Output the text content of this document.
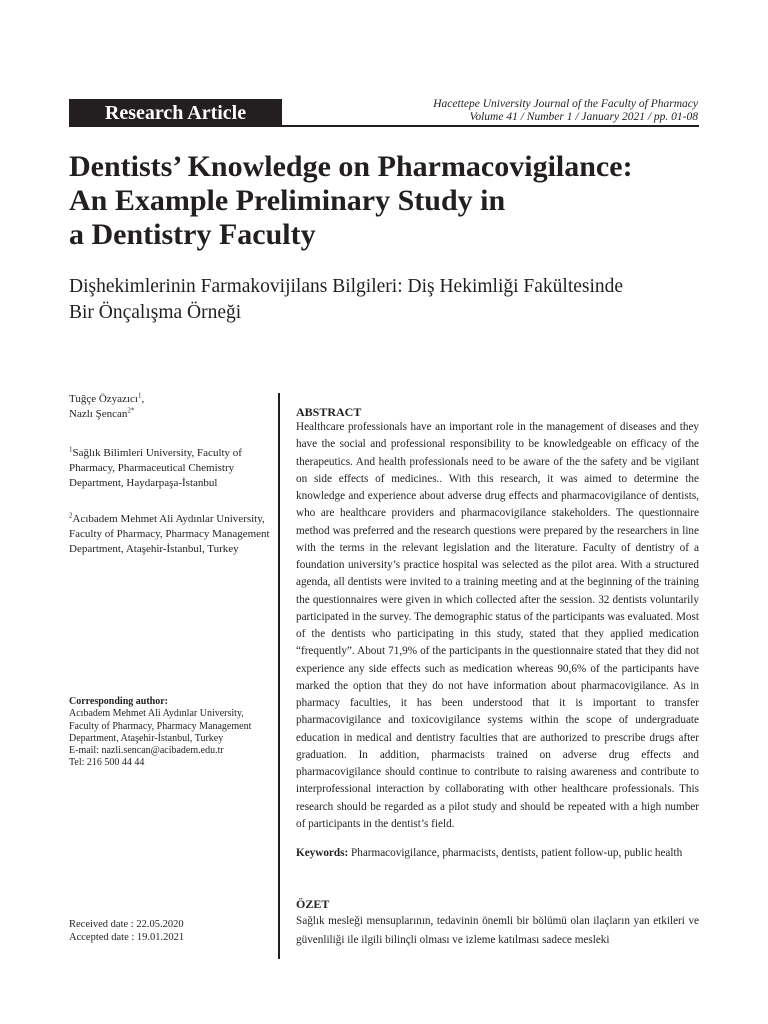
Research Article	Hacettepe University Journal of the Faculty of Pharmacy
Volume 41 / Number 1 / January 2021 / pp. 01-08
Dentists’ Knowledge on Pharmacovigilance:
An Example Preliminary Study in
a Dentistry Faculty
Dişhekimlerinin Farmakovijilans Bilgileri: Diş Hekimliği Fakültesinde
Bir Önçalışma Örneği
Tuğçe Özyazıcı$^1$,
Nazlı Şencan$^{2*}$
$^1$Sağlık Bilimleri University, Faculty of Pharmacy, Pharmaceutical Chemistry Department, Haydarpaşa-İstanbul
$^2$Acıbadem Mehmet Ali Aydınlar University, Faculty of Pharmacy, Pharmacy Management Department, Ataşehir-İstanbul, Turkey
Corresponding author:
Acıbadem Mehmet Ali Aydınlar University,
Faculty of Pharmacy, Pharmacy Management
Department, Ataşehir-İstanbul, Turkey
E-mail: nazli.sencan@acibadem.edu.tr
Tel: 216 500 44 44
Received date : 22.05.2020
Accepted date : 19.01.2021
ABSTRACT
Healthcare professionals have an important role in the management of diseases and they have the social and professional responsibility to be knowledgeable on efficacy of the therapeutics. And health professionals need to be aware of the the safety and be vigilant on side effects of medicines.. With this research, it was aimed to determine the knowledge and experience about adverse drug effects and pharmacovigilance of dentists, who are healthcare providers and pharmacovigilance stakeholders. The questionnaire method was preferred and the research questions were prepared by the researchers in line with the terms in the relevant legislation and the literature. Faculty of dentistry of a foundation university’s practice hospital was selected as the pilot area. With a structured agenda, all dentists were invited to a training meeting and at the beginning of the training the questionnaires were given in which collected after the session. 32 dentists voluntarily participated in the survey. The demographic status of the participants was evaluated. Most of the dentists who participating in this study, stated that they applied medication “frequently”. About 71,9% of the participants in the questionnaire stated that they did not experience any side effects such as medication whereas 90,6% of the participants have marked the option that they do not have information about pharmacovigilance. As in pharmacy faculties, it has been understood that it is important to transfer pharmacovigilance and toxicovigilance systems within the scope of undergraduate education in medical and dentistry faculties that are authorized to prescribe drugs after graduation. In addition, pharmacists trained on adverse drug effects and pharmacovigilance should continue to contribute to raising awareness and contribute to interprofessional interaction by collaborating with other healthcare professionals. This research should be regarded as a pilot study and should be repeated with a high number of participants in the dentist’s field.
Keywords: Pharmacovigilance, pharmacists, dentists, patient follow-up, public health
ÖZET
Sağlık mesleği mensuplarının, tedavinin önemli bir bölümü olan ilaçların yan etkileri ve güvenliliği ile ilgili bilinçli olması ve izleme katılması sadece mesleki
